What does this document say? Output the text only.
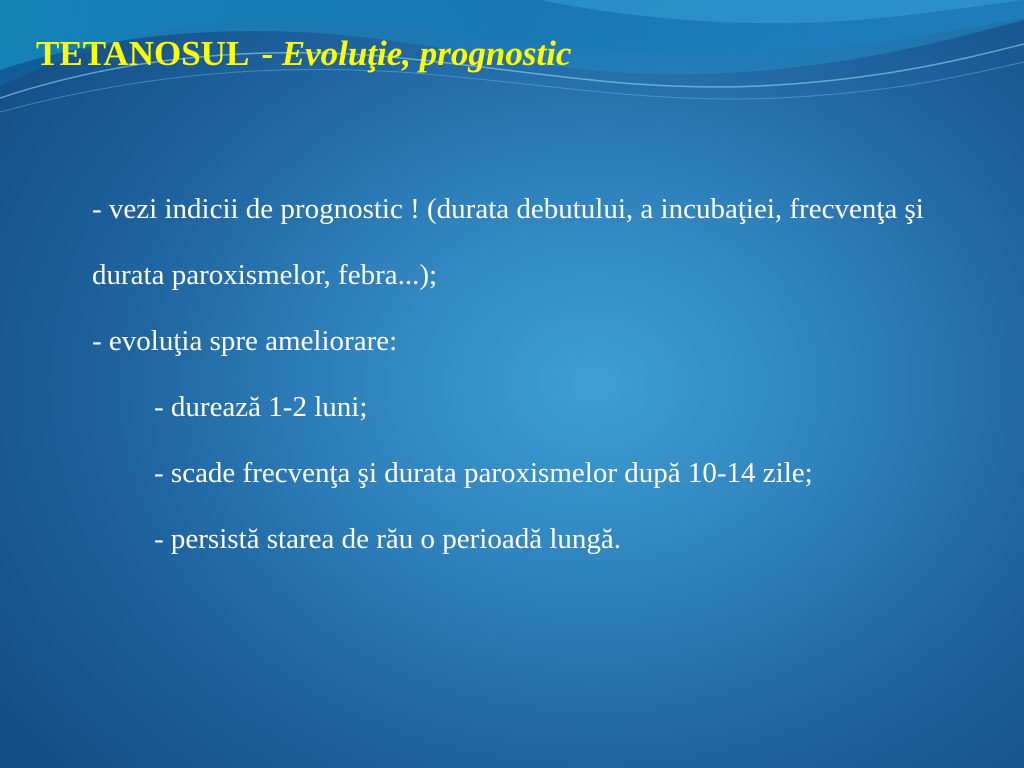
TETANOSUL - Evoluţie, prognostic
- vezi indicii de prognostic ! (durata debutului, a incubaţiei, frecvenţa şi durata paroxismelor, febra...);
- evoluţia spre ameliorare:
- durează 1-2 luni;
- scade frecvenţa şi durata paroxismelor după 10-14 zile;
- persistă starea de rău o perioadă lungă.
